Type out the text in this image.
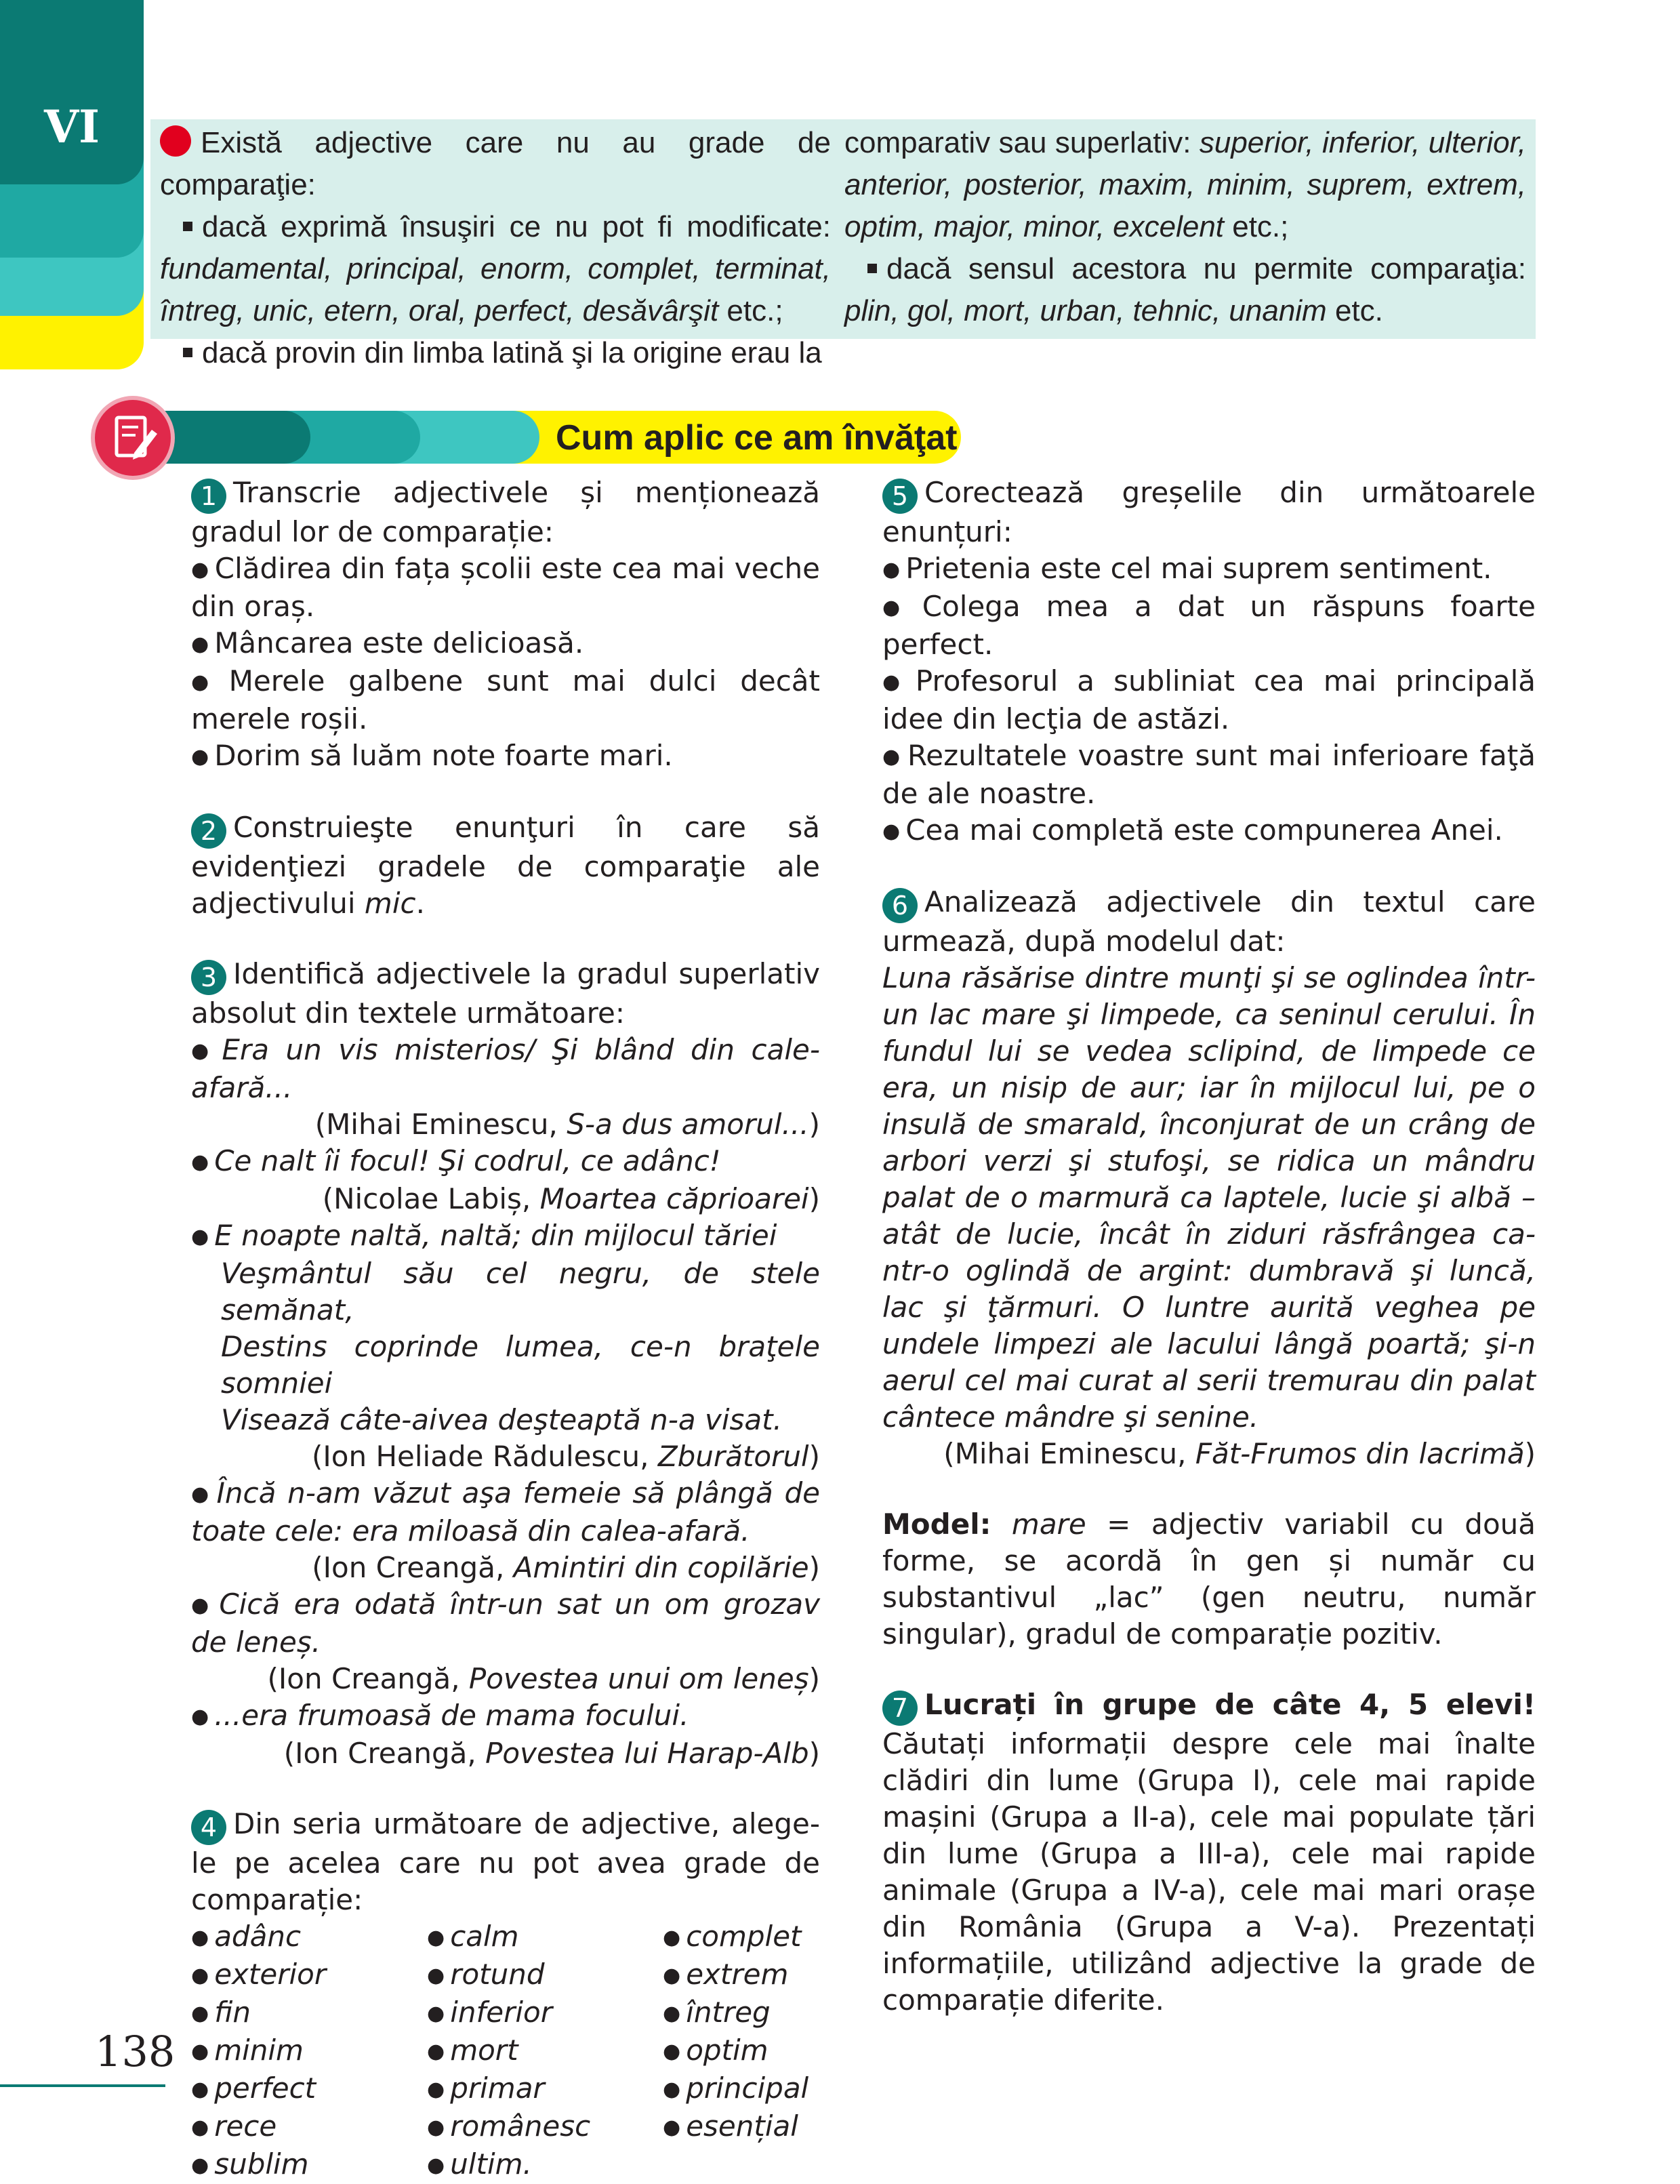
VI	Există adjective care nu au grade de comparaţie:

dacă exprimă însuşiri ce nu pot fi modificate: fundamental, principal, enorm, complet, terminat, întreg, unic, etern, oral, perfect, desăvârşit etc.;

dacă provin din limba latină şi la origine erau la

comparativ sau superlativ: superior, inferior, ulterior, anterior, posterior, maxim, minim, suprem, extrem, optim, major, minor, excelent etc.;

dacă sensul acestora nu permite comparaţia: plin, gol, mort, urban, tehnic, unanim etc.

Cum aplic ce am învăţat

1 Transcrie adjectivele și menționează gradul lor de comparație:

● Clădirea din fața școlii este cea mai veche din oraș.

● Mâncarea este delicioasă.

● Merele galbene sunt mai dulci decât merele roșii.

● Dorim să luăm note foarte mari.

2 Construieşte enunţuri în care să evidenţiezi gradele de comparaţie ale adjectivului mic.

3 Identifică adjectivele la gradul superlativ absolut din textele următoare:

● Era un vis misterios/ Şi blând din cale-afară...

(Mihai Eminescu, S-a dus amorul...)

● Ce nalt îi focul! Şi codrul, ce adânc!

(Nicolae Labiș, Moartea căprioarei)

● E noapte naltă, naltă; din mijlocul tăriei

Veşmântul său cel negru, de stele semănat,

Destins coprinde lumea, ce-n braţele somniei

Visează câte-aivea deşteaptă n-a visat.

(Ion Heliade Rădulescu, Zburătorul)

● Încă n-am văzut aşa femeie să plângă de toate cele: era miloasă din calea-afară.

(Ion Creangă, Amintiri din copilărie)

● Cică era odată într-un sat un om grozav de leneș.

(Ion Creangă, Povestea unui om leneș)

● ...era frumoasă de mama focului.

(Ion Creangă, Povestea lui Harap-Alb)

4 Din seria următoare de adjective, alege-le pe acelea care nu pot avea grade de comparație:

● adânc	● calm	● complet
● exterior	● rotund	● extrem
● fin	● inferior	● întreg
● minim	● mort	● optim
● perfect	● primar	● principal
● rece	● românesc	● esențial
● sublim	● ultim.

5 Corectează greșelile din următoarele enunțuri:

● Prietenia este cel mai suprem sentiment.

● Colega mea a dat un răspuns foarte perfect.

● Profesorul a subliniat cea mai principală idee din lecţia de astăzi.

● Rezultatele voastre sunt mai inferioare faţă de ale noastre.

● Cea mai completă este compunerea Anei.

6 Analizează adjectivele din textul care urmează, după modelul dat:

Luna răsărise dintre munţi şi se oglindea într-un lac mare şi limpede, ca seninul cerului. În fundul lui se vedea sclipind, de limpede ce era, un nisip de aur; iar în mijlocul lui, pe o insulă de smarald, înconjurat de un crâng de arbori verzi şi stufoşi, se ridica un mândru palat de o marmură ca laptele, lucie şi albă – atât de lucie, încât în ziduri răsfrângea ca-ntr-o oglindă de argint: dumbravă şi luncă, lac şi ţărmuri. O luntre aurită veghea pe undele limpezi ale lacului lângă poartă; şi-n aerul cel mai curat al serii tremurau din palat cântece mândre şi senine.

(Mihai Eminescu, Făt-Frumos din lacrimă)

Model: mare = adjectiv variabil cu două forme, se acordă în gen și număr cu substantivul „lac” (gen neutru, număr singular), gradul de comparație pozitiv.

7 Lucrați în grupe de câte 4, 5 elevi! Căutați informații despre cele mai înalte clădiri din lume (Grupa I), cele mai rapide mașini (Grupa a II-a), cele mai populate țări din lume (Grupa a III-a), cele mai rapide animale (Grupa a IV-a), cele mai mari orașe din România (Grupa a V-a). Prezentați informațiile, utilizând adjective la grade de comparație diferite.

138
